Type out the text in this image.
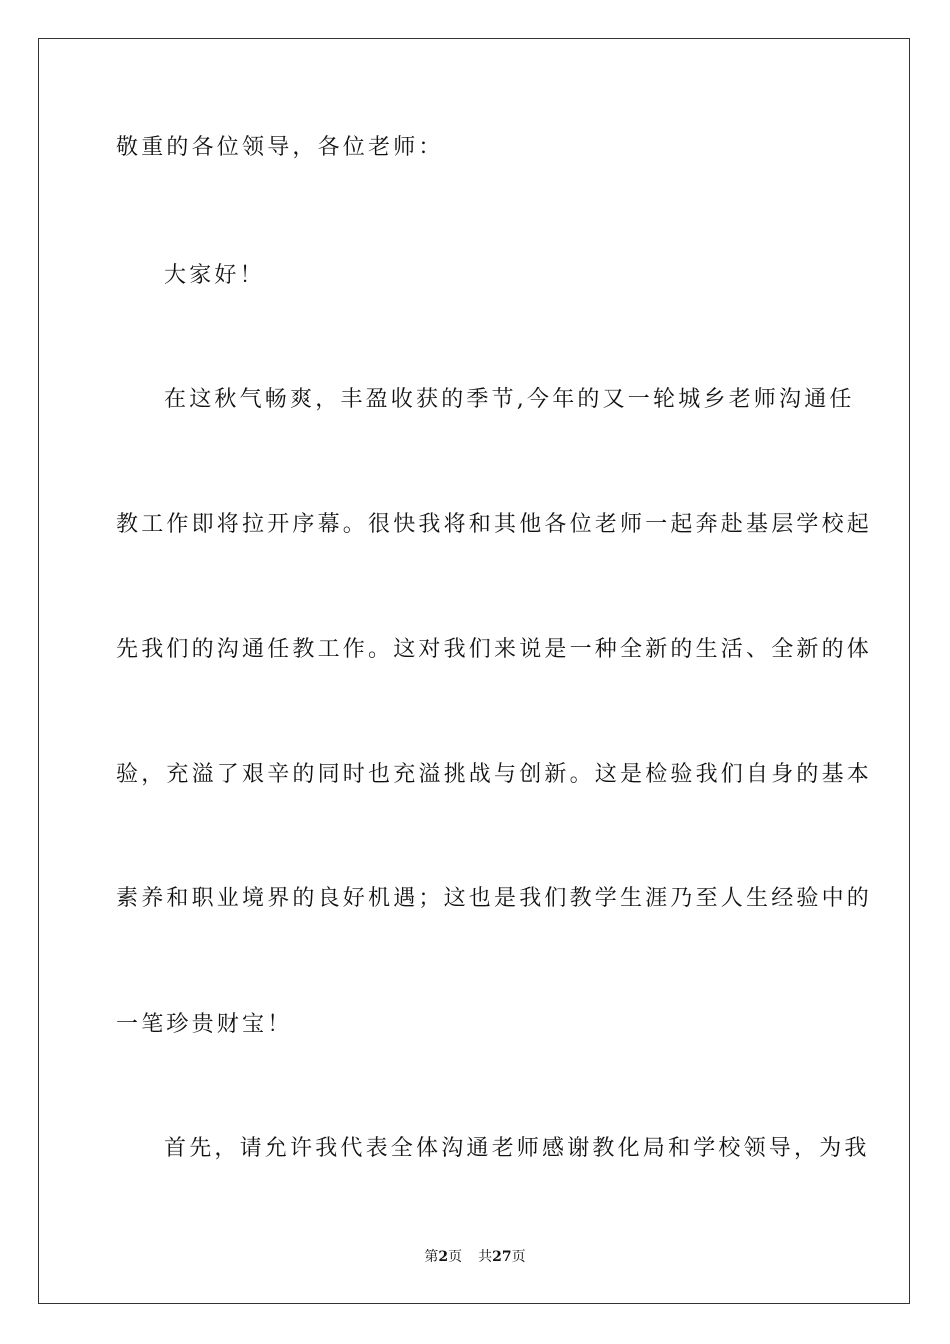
敬重的各位领导，各位老师：
大家好！
在这秋气畅爽，丰盈收获的季节,今年的又一轮城乡老师沟通任
教工作即将拉开序幕。很快我将和其他各位老师一起奔赴基层学校起
先我们的沟通任教工作。这对我们来说是一种全新的生活、全新的体
验，充溢了艰辛的同时也充溢挑战与创新。这是检验我们自身的基本
素养和职业境界的良好机遇；这也是我们教学生涯乃至人生经验中的
一笔珍贵财宝！
首先，请允许我代表全体沟通老师感谢教化局和学校领导，为我
第2页 共27页
